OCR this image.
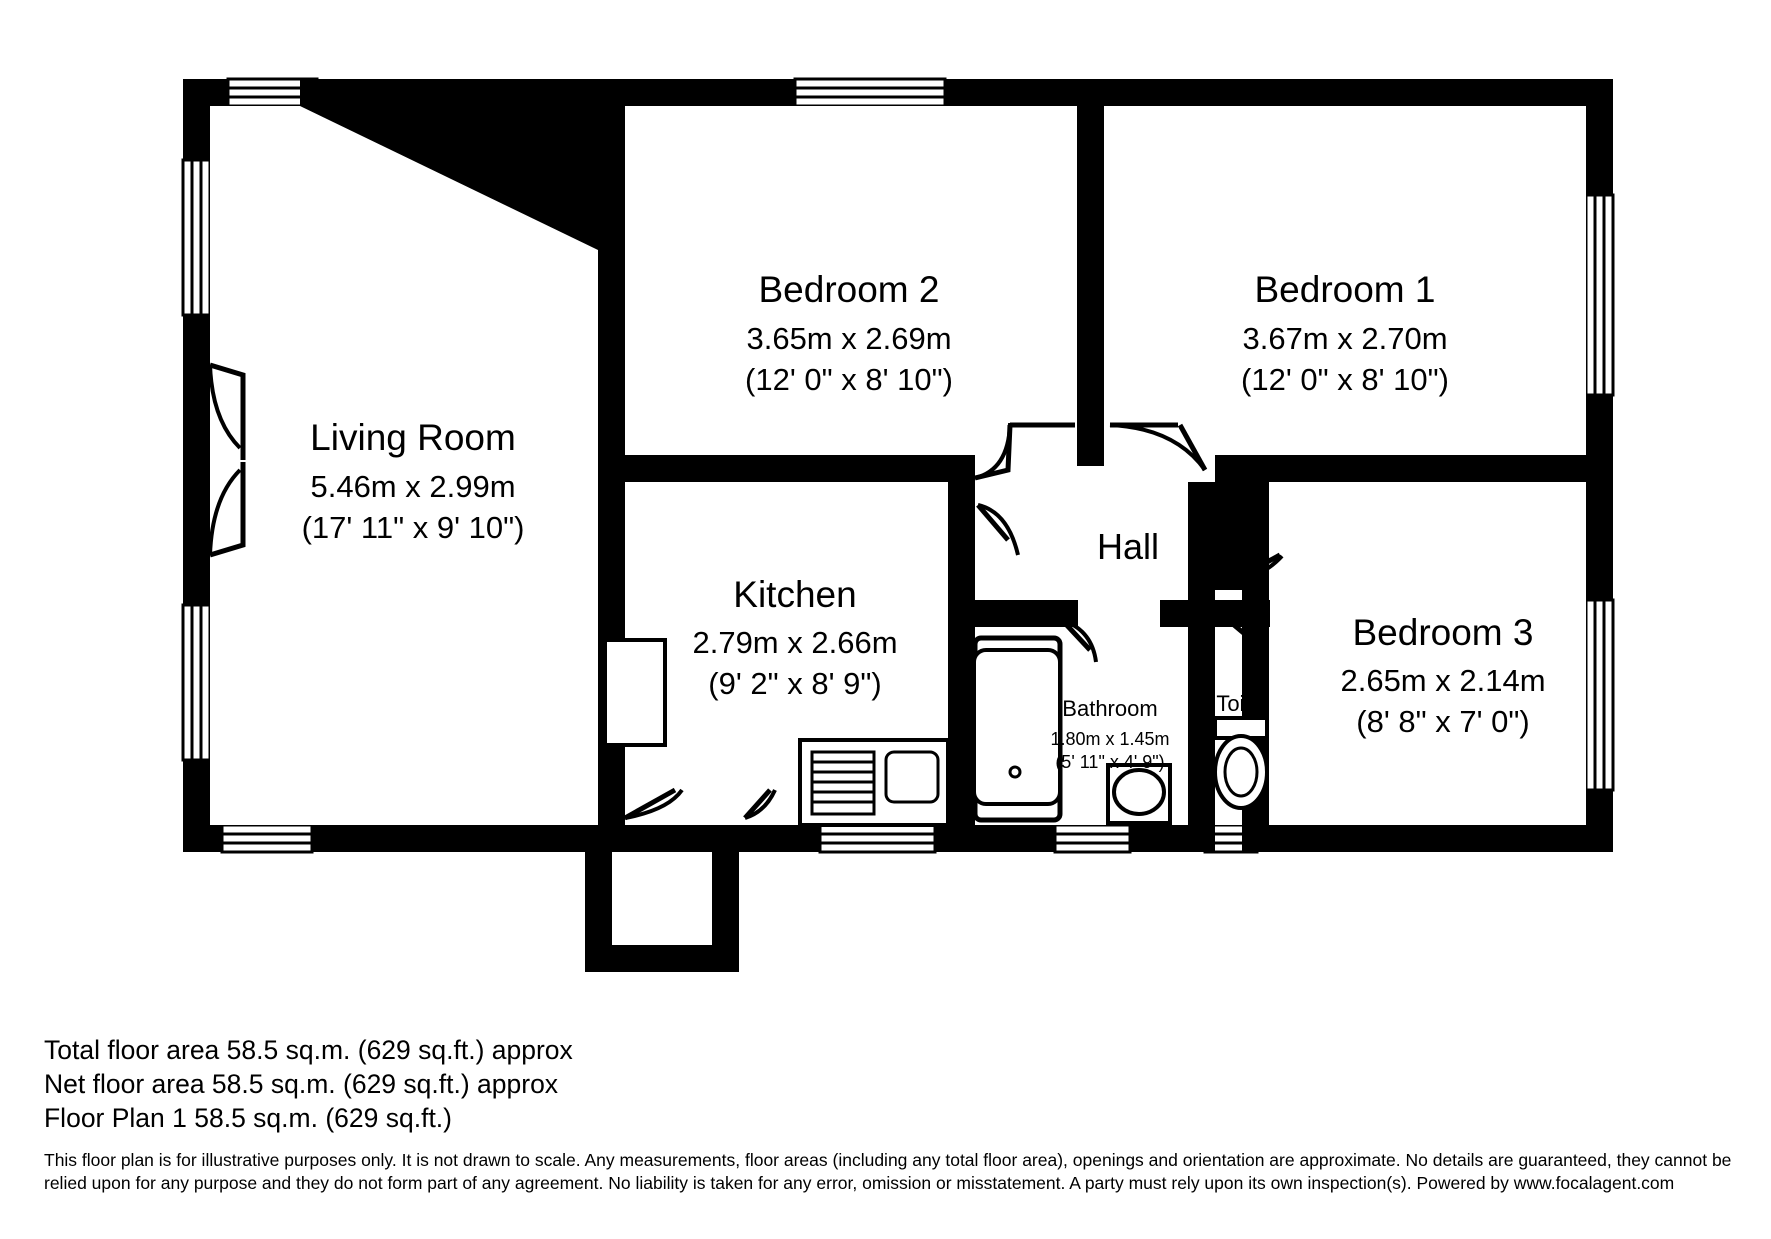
Living Room
5.46m x 2.99m
(17' 11" x 9' 10")
Bedroom 2
3.65m x 2.69m
(12' 0" x 8' 10")
Bedroom 1
3.67m x 2.70m
(12' 0" x 8' 10")
Kitchen
2.79m x 2.66m
(9' 2" x 8' 9")
Bedroom 3
2.65m x 2.14m
(8' 8" x 7' 0")
Hall
Bathroom
1.80m x 1.45m
(5' 11" x 4' 9")
Toilet
Total floor area 58.5 sq.m. (629 sq.ft.) approx
Net floor area 58.5 sq.m. (629 sq.ft.) approx
Floor Plan 1 58.5 sq.m. (629 sq.ft.)
This floor plan is for illustrative purposes only. It is not drawn to scale. Any measurements, floor areas (including any total floor area), openings and orientation are approximate. No details are guaranteed, they cannot be relied upon for any purpose and they do not form part of any agreement. No liability is taken for any error, omission or misstatement. A party must rely upon its own inspection(s). Powered by www.focalagent.com
